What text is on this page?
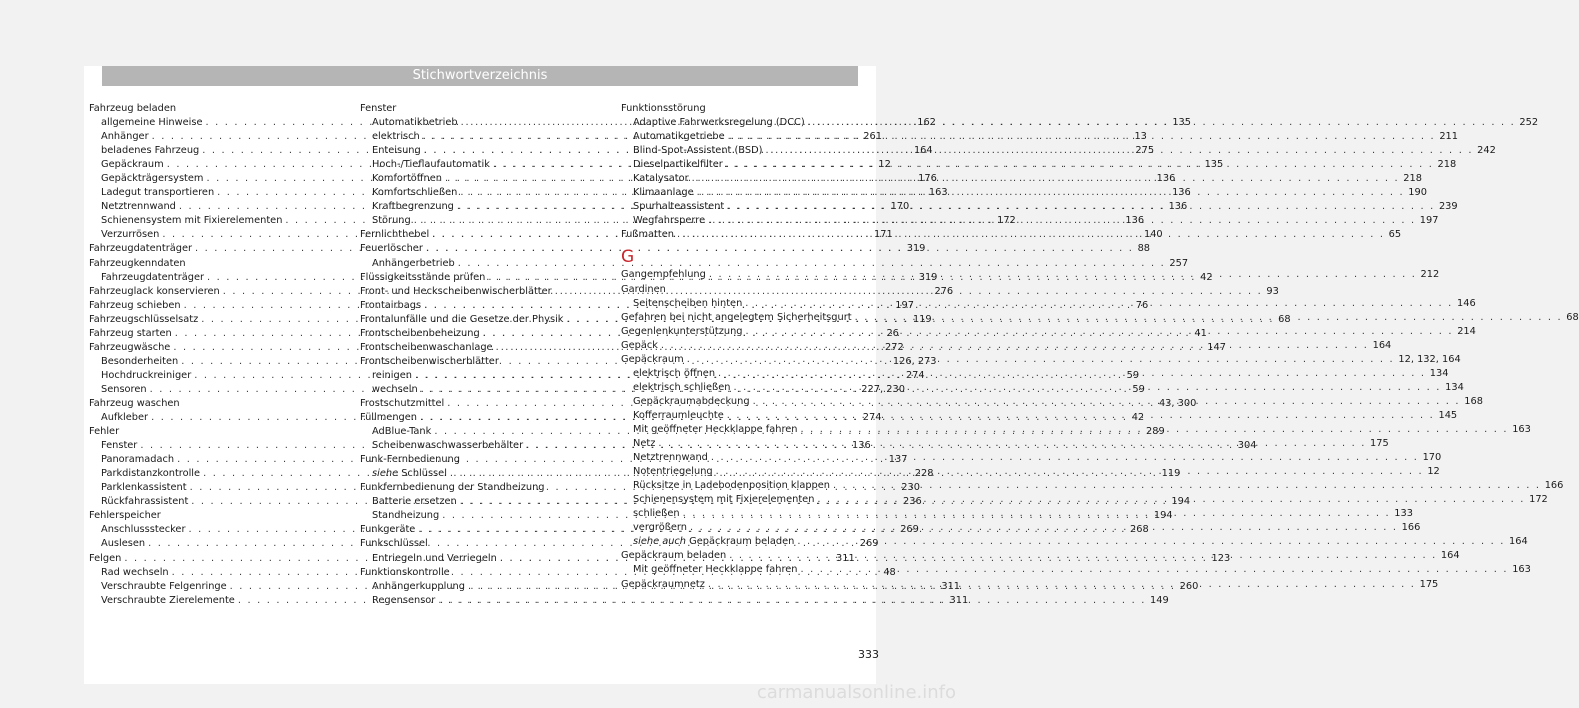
Stichwortverzeichnis
Fahrzeug beladen
allgemeine Hinweise . . .	162
Anhänger . . .	261
beladenes Fahrzeug . . .	164
Gepäckraum . . .	12
Gepäckträgersystem . . .	176
Ladegut transportieren . . .	163
Netztrennwand . . .	170
Schienensystem mit Fixierelementen . . .	172
Verzurrösen . . .	171
Fahrzeugdatenträger . . .	319
Fahrzeugkenndaten
Fahrzeugdatenträger . . .	319
Fahrzeuglack konservieren . . .	276
Fahrzeug schieben . . .	197
Fahrzeugschlüsselsatz . . .	119
Fahrzeug starten . . .	26
Fahrzeugwäsche . . .	272
Besonderheiten . . .	126, 273
Hochdruckreiniger . . .	274
Sensoren . . .	227, 230
Fahrzeug waschen
Aufkleber . . .	274
Fehler
Fenster . . .	136
Panoramadach . . .	137
Parkdistanzkontrolle . . .	228
Parklenkassistent . . .	230
Rückfahrassistent . . .	236
Fehlerspeicher
Anschlussstecker . . .	269
Auslesen . . .	269
Felgen . . .	311
Rad wechseln . . .	48
Verschraubte Felgenringe . . .	311
Verschraubte Zierelemente . . .	311
Fenster
Automatikbetrieb . . .	135
elektrisch . . .	13
Enteisung . . .	275
Hoch-/Tieflaufautomatik . . .	135
Komfortöffnen . . .	136
Komfortschließen . . .	136
Kraftbegrenzung . . .	136
Störung . . .	136
Fernlichthebel . . .	140
Feuerlöscher . . .	88
Anhängerbetrieb . . .	257
Flüssigkeitsstände prüfen . . .	42
Front- und Heckscheibenwischerblätter . . .	93
Frontairbags . . .	76
Frontalunfälle und die Gesetze der Physik . . .	68
Frontscheibenbeheizung . . .	41
Frontscheibenwaschanlage . . .	147
Frontscheibenwischerblätter
reinigen . . .	59
wechseln . . .	59
Frostschutzmittel . . .	43, 300
Füllmengen . . .	42
AdBlue-Tank . . .	289
Scheibenwaschwasserbehälter . . .	304
Funk-Fernbedienung
siehe Schlüssel . . .	119
Funkfernbedienung der Standheizung
Batterie ersetzen . . .	194
Standheizung . . .	194
Funkgeräte . . .	268
Funkschlüssel
Entriegeln und Verriegeln . . .	123
Funktionskontrolle
Anhängerkupplung . . .	260
Regensensor . . .	149
Funktionsstörung
Adaptive Fahrwerksregelung (DCC) . . .	252
Automatikgetriebe . . .	211
Blind-Spot-Assistent (BSD) . . .	242
Dieselpartikelfilter . . .	218
Katalysator . . .	218
Klimaanlage . . .	190
Spurhalteassistent . . .	239
Wegfahrsperre . . .	197
Fußmatten . . .	65
G
Gangempfehlung . . .	212
Gardinen
Seitenscheiben hinten . . .	146
Gefahren bei nicht angelegtem Sicherheitsgurt . . .	68
Gegenlenkunterstützung . . .	214
Gepäck . . .	164
Gepäckraum . . .	12, 132, 164
elektrisch öffnen . . .	134
elektrisch schließen . . .	134
Gepäckraumabdeckung . . .	168
Kofferraumleuchte . . .	145
Mit geöffneter Heckklappe fahren . . .	163
Netz . . .	175
Netztrennwand . . .	170
Notentriegelung . . .	12
Rücksitze in Ladebodenposition klappen . . .	166
Schienensystem mit Fixierelementen . . .	172
schließen . . .	133
vergrößern . . .	166
siehe auch Gepäckraum beladen . . .	164
Gepäckraum beladen . . .	164
Mit geöffneter Heckklappe fahren . . .	163
Gepäckraumnetz . . .	175
333
carmanualsonline.info
